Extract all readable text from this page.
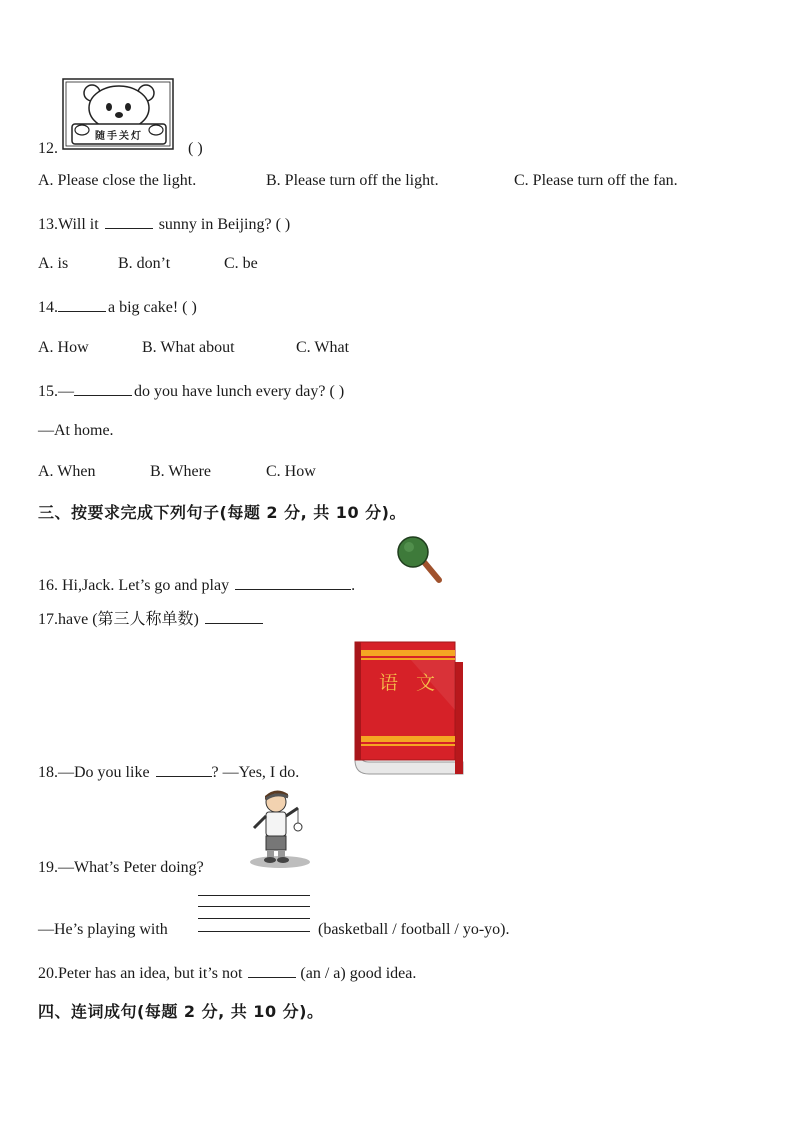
随手关灯
12.	( )
A. Please close the light.	B. Please turn off the light.	C. Please turn off the fan.
13.Will it	sunny in Beijing? ( )
A. is	B. don’t	C. be
14.	a big cake! ( )
A. How	B. What about	C. What
15.—	do you have lunch every day? ( )
—At home.
A. When	B. Where	C. How
三、按要求完成下列句子(每题 2 分, 共 10 分)。
16. Hi,Jack. Let’s go and play	.
17.have (第三人称单数)
语 文
18.—Do you like	? —Yes, I do.
19.—What’s Peter doing?
—He’s playing with	(basketball / football / yo-yo).
20.Peter has an idea, but it’s not	(an / a) good idea.
四、连词成句(每题 2 分, 共 10 分)。
